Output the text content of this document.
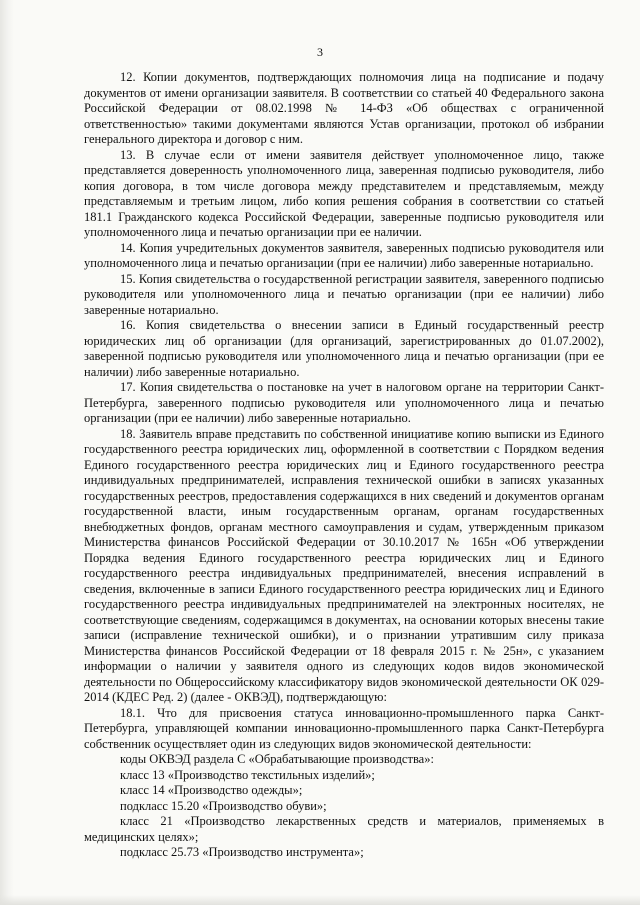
3

12. Копии документов, подтверждающих полномочия лица на подписание и подачу документов от имени организации заявителя. В соответствии со статьей 40 Федерального закона Российской Федерации от 08.02.1998 № 14-ФЗ «Об обществах с ограниченной ответственностью» такими документами являются Устав организации, протокол об избрании генерального директора и договор с ним.

13. В случае если от имени заявителя действует уполномоченное лицо, также представляется доверенность уполномоченного лица, заверенная подписью руководителя, либо копия договора, в том числе договора между представителем и представляемым, между представляемым и третьим лицом, либо копия решения собрания в соответствии со статьей 181.1 Гражданского кодекса Российской Федерации, заверенные подписью руководителя или уполномоченного лица и печатью организации при ее наличии.

14. Копия учредительных документов заявителя, заверенных подписью руководителя или уполномоченного лица и печатью организации (при ее наличии) либо заверенные нотариально.

15. Копия свидетельства о государственной регистрации заявителя, заверенного подписью руководителя или уполномоченного лица и печатью организации (при ее наличии) либо заверенные нотариально.

16. Копия свидетельства о внесении записи в Единый государственный реестр юридических лиц об организации (для организаций, зарегистрированных до 01.07.2002), заверенной подписью руководителя или уполномоченного лица и печатью организации (при ее наличии) либо заверенные нотариально.

17. Копия свидетельства о постановке на учет в налоговом органе на территории Санкт-Петербурга, заверенного подписью руководителя или уполномоченного лица и печатью организации (при ее наличии) либо заверенные нотариально.

18. Заявитель вправе представить по собственной инициативе копию выписки из Единого государственного реестра юридических лиц, оформленной в соответствии с Порядком ведения Единого государственного реестра юридических лиц и Единого государственного реестра индивидуальных предпринимателей, исправления технической ошибки в записях указанных государственных реестров, предоставления содержащихся в них сведений и документов органам государственной власти, иным государственным органам, органам государственных внебюджетных фондов, органам местного самоуправления и судам, утвержденным приказом Министерства финансов Российской Федерации от 30.10.2017 № 165н «Об утверждении Порядка ведения Единого государственного реестра юридических лиц и Единого государственного реестра индивидуальных предпринимателей, внесения исправлений в сведения, включенные в записи Единого государственного реестра юридических лиц и Единого государственного реестра индивидуальных предпринимателей на электронных носителях, не соответствующие сведениям, содержащимся в документах, на основании которых внесены такие записи (исправление технической ошибки), и о признании утратившим силу приказа Министерства финансов Российской Федерации от 18 февраля 2015 г. № 25н», с указанием информации о наличии у заявителя одного из следующих кодов видов экономической деятельности по Общероссийскому классификатору видов экономической деятельности ОК 029-2014 (КДЕС Ред. 2) (далее - ОКВЭД), подтверждающую:

18.1. Что для присвоения статуса инновационно-промышленного парка Санкт-Петербурга, управляющей компании инновационно-промышленного парка Санкт-Петербурга собственник осуществляет один из следующих видов экономической деятельности:

коды ОКВЭД раздела С «Обрабатывающие производства»:

класс 13 «Производство текстильных изделий»;

класс 14 «Производство одежды»;

подкласс 15.20 «Производство обуви»;

класс 21 «Производство лекарственных средств и материалов, применяемых в медицинских целях»;

подкласс 25.73 «Производство инструмента»;
